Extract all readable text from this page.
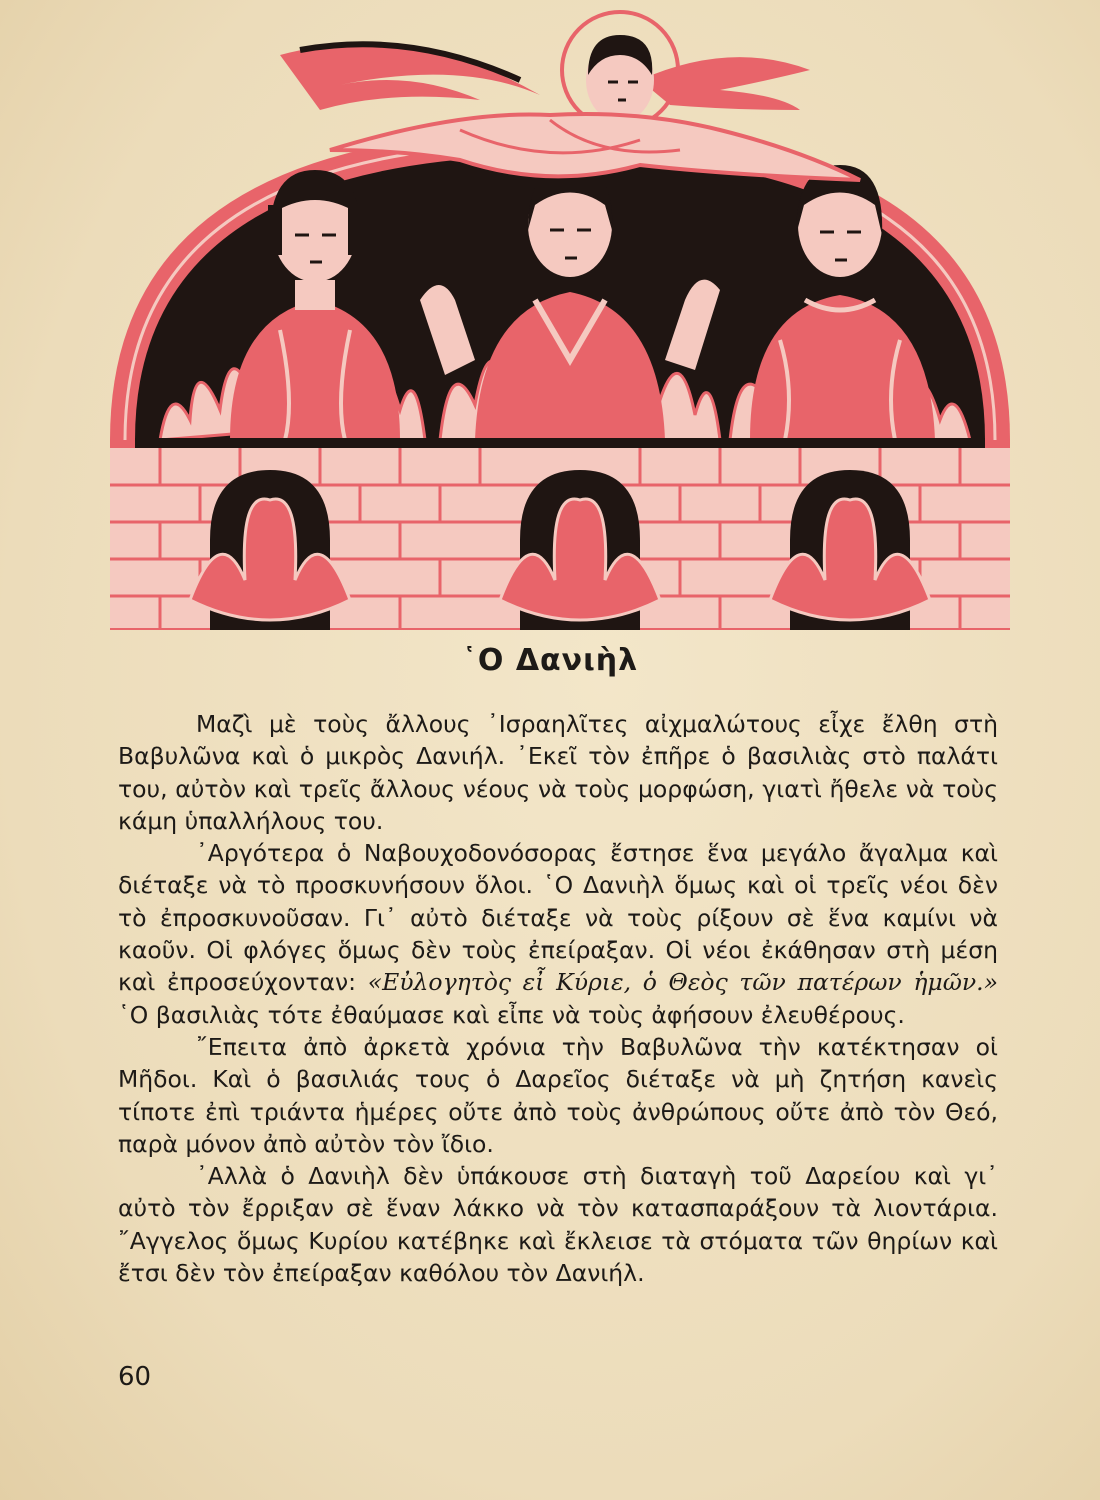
῾Ο Δανιὴλ

Μαζὶ μὲ τοὺς ἄλλους ᾿Ισραηλῖτες αἰχμαλώτους εἶχε ἔλθη στὴ Βαβυλῶνα καὶ ὁ μικρὸς Δανιήλ. ᾿Εκεῖ τὸν ἐπῆρε ὁ βασιλιὰς στὸ παλάτι του, αὐτὸν καὶ τρεῖς ἄλλους νέους νὰ τοὺς μορφώση, γιατὶ ἤθελε νὰ τοὺς κάμη ὑπαλλήλους του.

᾿Αργότερα ὁ Ναβουχοδονόσορας ἔστησε ἕνα μεγάλο ἄγαλμα καὶ διέταξε νὰ τὸ προσκυνήσουν ὅλοι. ῾Ο Δανιὴλ ὅμως καὶ οἱ τρεῖς νέοι δὲν τὸ ἐπροσκυνοῦσαν. Γι᾿ αὐτὸ διέταξε νὰ τοὺς ρίξουν σὲ ἕνα καμίνι νὰ καοῦν. Οἱ φλόγες ὅμως δὲν τοὺς ἐπείραξαν. Οἱ νέοι ἐκάθησαν στὴ μέση καὶ ἐπροσεύχονταν: «Εὐλογητὸς εἶ Κύριε, ὁ Θεὸς τῶν πατέρων ἡμῶν.» ῾Ο βασιλιὰς τότε ἐθαύμασε καὶ εἶπε νὰ τοὺς ἀφήσουν ἐλευθέρους.

῎Επειτα ἀπὸ ἀρκετὰ χρόνια τὴν Βαβυλῶνα τὴν κατέκτησαν οἱ Μῆδοι. Καὶ ὁ βασιλιάς τους ὁ Δαρεῖος διέταξε νὰ μὴ ζητήση κανεὶς τίποτε ἐπὶ τριάντα ἡμέρες οὔτε ἀπὸ τοὺς ἀνθρώπους οὔτε ἀπὸ τὸν Θεό, παρὰ μόνον ἀπὸ αὐτὸν τὸν ἴδιο.

᾿Αλλὰ ὁ Δανιὴλ δὲν ὑπάκουσε στὴ διαταγὴ τοῦ Δαρείου καὶ γι᾿ αὐτὸ τὸν ἔρριξαν σὲ ἕναν λάκκο νὰ τὸν κατασπαράξουν τὰ λιοντάρια. ῎Αγγελος ὅμως Κυρίου κατέβηκε καὶ ἔκλεισε τὰ στόματα τῶν θηρίων καὶ ἔτσι δὲν τὸν ἐπείραξαν καθόλου τὸν Δανιήλ.

60
